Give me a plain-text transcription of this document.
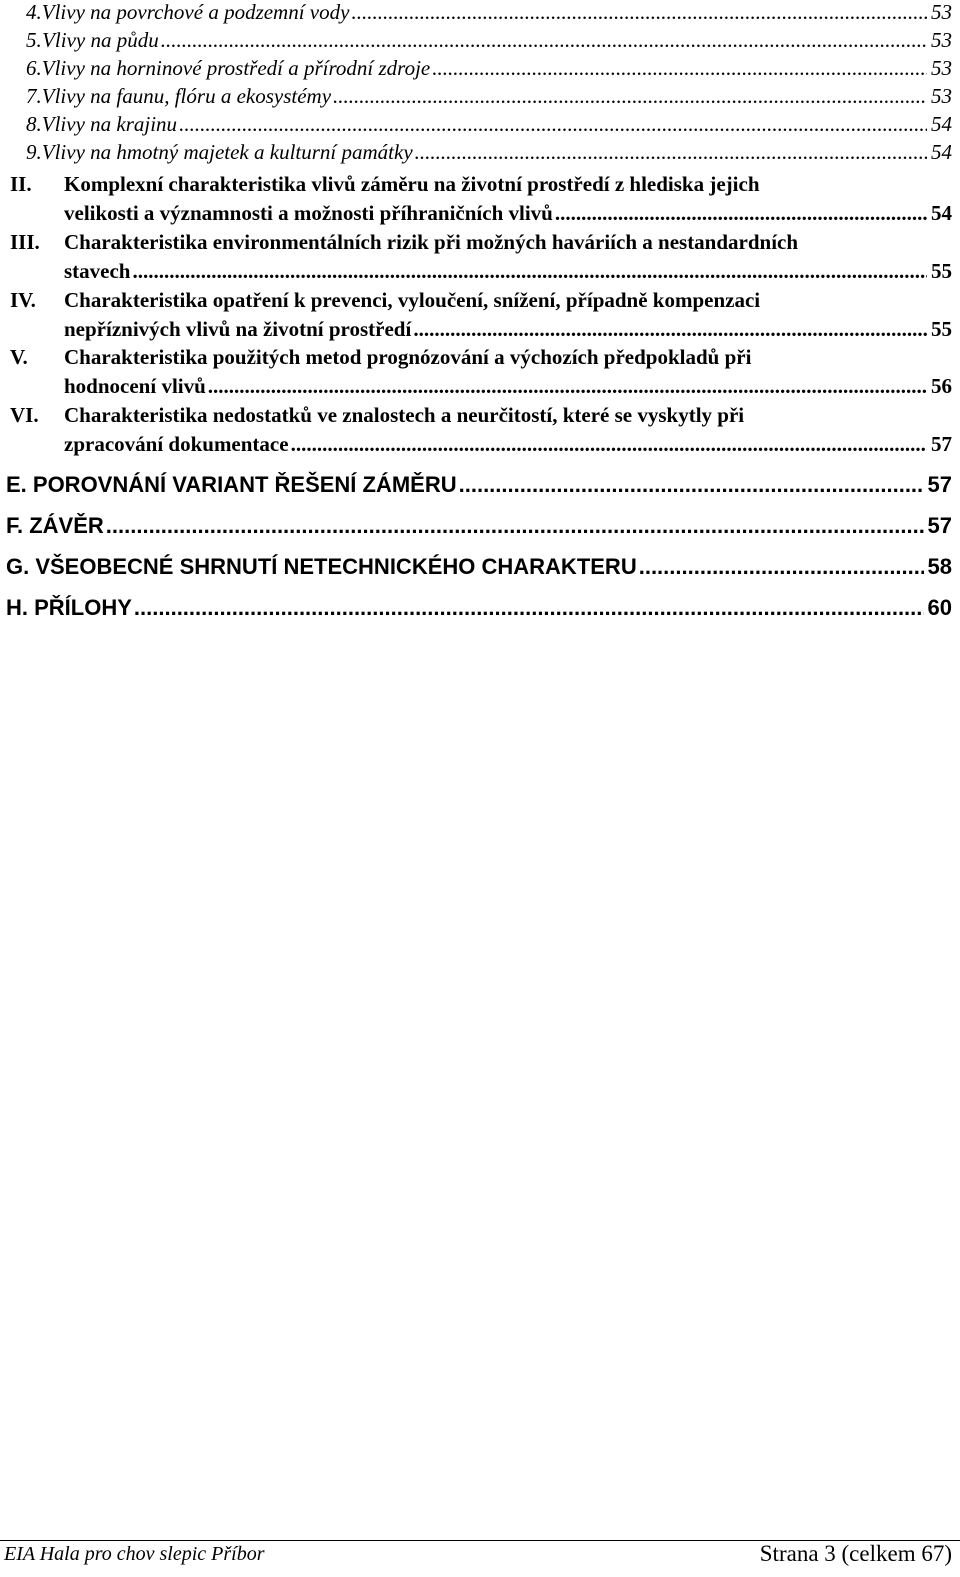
4. Vlivy na povrchové a podzemní vody .....	53
5. Vlivy na půdu .....	53
6. Vlivy na horninové prostředí a přírodní zdroje .....	53
7. Vlivy na faunu, flóru a ekosystémy .....	53
8. Vlivy na krajinu .....	54
9. Vlivy na hmotný majetek a kulturní památky .....	54
II.	Komplexní charakteristika vlivů záměru na životní prostředí z hlediska jejich
velikosti a významnosti a možnosti příhraničních vlivů .....	54
III.	Charakteristika environmentálních rizik při možných haváriích a nestandardních
stavech .....	55
IV.	Charakteristika opatření k prevenci, vyloučení, snížení, případně kompenzaci
nepříznivých vlivů na životní prostředí .....	55
V.	Charakteristika použitých metod prognózování a výchozích předpokladů při
hodnocení vlivů .....	56
VI.	Charakteristika nedostatků ve znalostech a neurčitostí, které se vyskytly při
zpracování dokumentace .....	57
E. POROVNÁNÍ VARIANT ŘEŠENÍ ZÁMĚRU .....	57
F. ZÁVĚR .....	57
G. VŠEOBECNÉ SHRNUTÍ NETECHNICKÉHO CHARAKTERU .....	58
H. PŘÍLOHY .....	60
EIA Hala pro chov slepic Příbor	Strana 3 (celkem 67)
